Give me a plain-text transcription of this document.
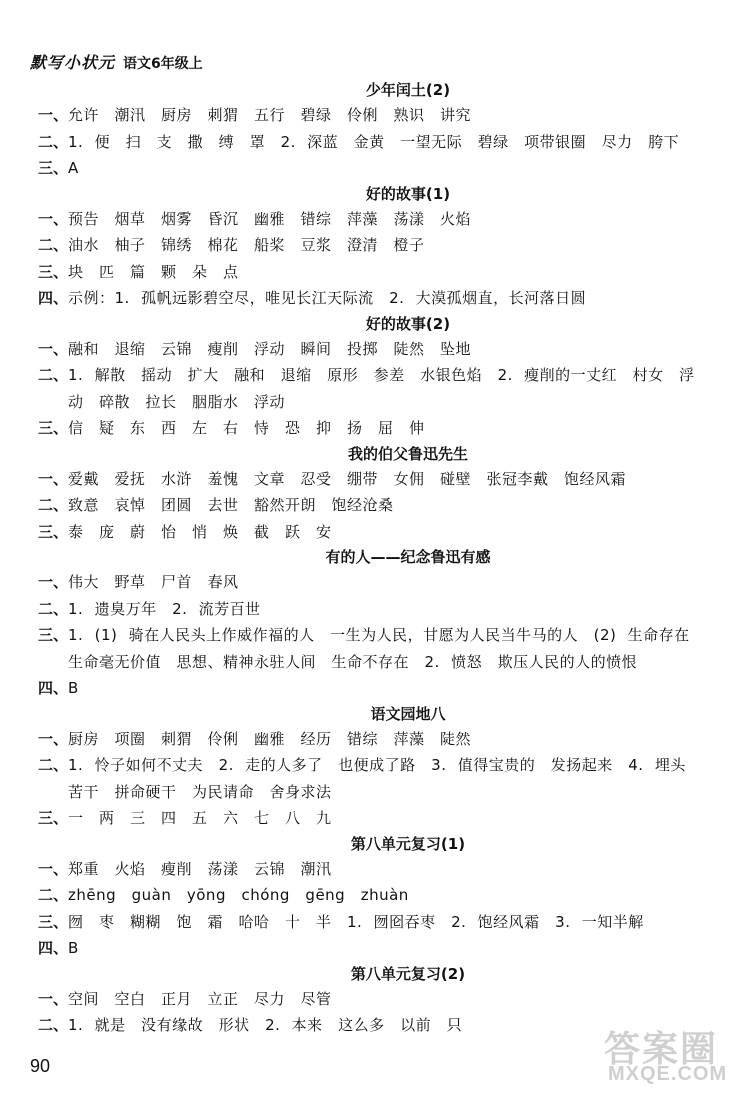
默写小状元 语文6年级上
少年闰土(2)
一、 允许　潮汛　厨房　刺猬　五行　碧绿　伶俐　熟识　讲究
二、 1. 便　扫　支　撒　缚　罩　2. 深蓝　金黄　一望无际　碧绿　项带银圈　尽力　胯下
三、 A
好的故事(1)
一、 预告　烟草　烟雾　昏沉　幽雅　错综　萍藻　荡漾　火焰
二、 油水　柚子　锦绣　棉花　船桨　豆浆　澄清　橙子
三、 块　匹　篇　颗　朵　点
四、 示例：1. 孤帆远影碧空尽，唯见长江天际流　2. 大漠孤烟直，长河落日圆
好的故事(2)
一、 融和　退缩　云锦　瘦削　浮动　瞬间　投掷　陡然　坠地
二、 1. 解散　摇动　扩大　融和　退缩　原形　参差　水银色焰　2. 瘦削的一丈红　村女　浮动　碎散　拉长　胭脂水　浮动
三、 信　疑　东　西　左　右　恃　恐　抑　扬　屈　伸
我的伯父鲁迅先生
一、 爱戴　爱抚　水浒　羞愧　文章　忍受　绷带　女佣　碰壁　张冠李戴　饱经风霜
二、 致意　哀悼　团圆　去世　豁然开朗　饱经沧桑
三、 泰　庞　蔚　怡　悄　焕　截　跃　安
有的人——纪念鲁迅有感
一、 伟大　野草　尸首　春风
二、 1. 遗臭万年　2. 流芳百世
三、 1. (1) 骑在人民头上作威作福的人　一生为人民，甘愿为人民当牛马的人　(2) 生命存在　生命毫无价值　思想、精神永驻人间　生命不存在　2. 愤怒　欺压人民的人的愤恨
四、 B
语文园地八
一、 厨房　项圈　刺猬　伶俐　幽雅　经历　错综　萍藻　陡然
二、 1. 怜子如何不丈夫　2. 走的人多了　也便成了路　3. 值得宝贵的　发扬起来　4. 埋头苦干　拼命硬干　为民请命　舍身求法
三、 一　两　三　四　五　六　七　八　九
第八单元复习(1)
一、 郑重　火焰　瘦削　荡漾　云锦　潮汛
二、 zhēng　guàn　yōng　chóng　gēng　zhuàn
三、 囫　枣　糊糊　饱　霜　哈哈　十　半　1. 囫囵吞枣　2. 饱经风霜　3. 一知半解
四、 B
第八单元复习(2)
一、 空间　空白　正月　立正　尽力　尽管
二、 1. 就是　没有缘故　形状　2. 本来　这么多　以前　只
90	答案圈
MXQE.COM
